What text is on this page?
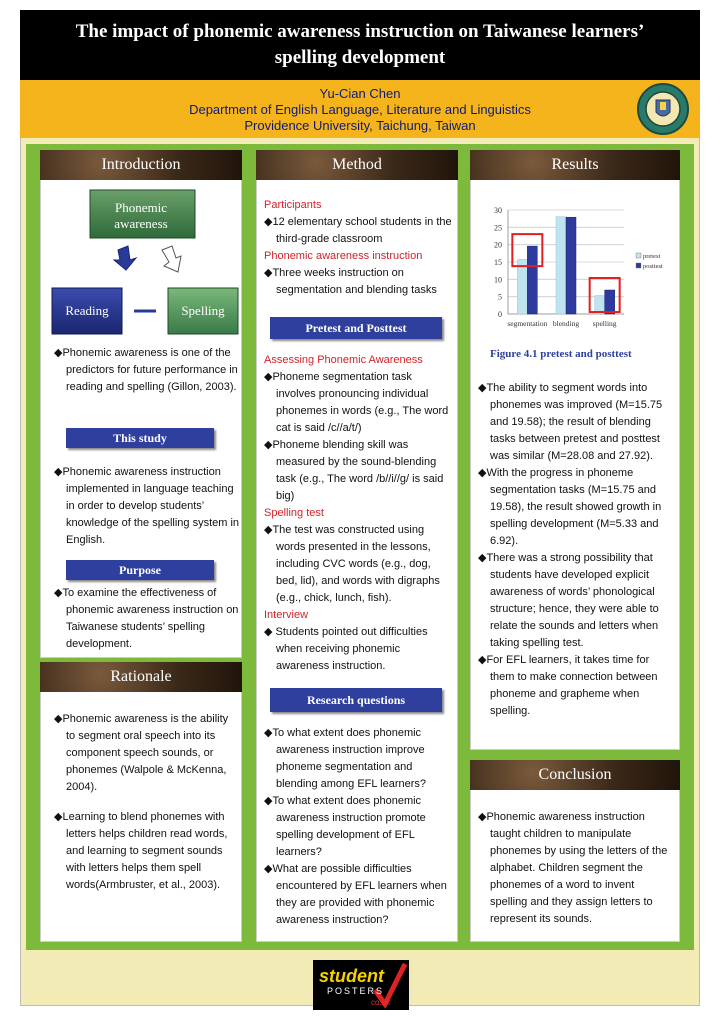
The impact of phonemic awareness instruction on Taiwanese learners’ spelling development
Yu-Cian Chen
Department of English Language, Literature and Linguistics
Providence University, Taichung, Taiwan
Introduction
Phonemic awareness
Reading	Spelling
◆Phonemic awareness is one of the predictors for future performance in reading and spelling (Gillon, 2003).
This study
◆Phonemic awareness instruction implemented in language teaching in order to develop students’ knowledge of the spelling system in English.
Purpose
◆To examine the effectiveness of phonemic awareness instruction on Taiwanese students’ spelling development.
Rationale
◆Phonemic awareness is the ability to segment oral speech into its component speech sounds, or phonemes (Walpole & McKenna, 2004).
◆Learning to blend phonemes with letters helps children read words, and learning to segment sounds with letters helps them spell words(Armbruster, et al., 2003).
Method

Participants

◆12 elementary school students in the third-grade classroom

Phonemic awareness instruction

◆Three weeks instruction on segmentation and blending tasks

Pretest and Posttest

Assessing Phonemic Awareness

◆Phoneme segmentation task involves pronouncing individual phonemes in words (e.g., The word cat is said /c//a/t/)

◆Phoneme blending skill was measured by the sound-blending task (e.g., The word /b//i//g/ is said big)

Spelling test

◆The test was constructed using words presented in the lessons, including CVC words (e.g., dog, bed, lid), and words with digraphs (e.g., chick, lunch, fish).

Interview

◆ Students pointed out difficulties when receiving phonemic awareness instruction.

Research questions

◆To what extent does phonemic awareness instruction improve phoneme segmentation and blending among EFL learners?

◆To what extent does phonemic awareness instruction promote spelling development of EFL learners?

◆What are possible difficulties encountered by EFL learners when they are provided with phonemic awareness instruction?

Results
0
5
10
15
20
25
30
segmentation blending spelling
pretest
posttest
Figure 4.1 pretest and posttest

◆The ability to segment words into phonemes was improved (M=15.75 and 19.58); the result of blending tasks between pretest and posttest was similar (M=28.08 and 27.92).

◆With the progress in phoneme segmentation tasks (M=15.75 and 19.58), the result showed growth in spelling development (M=5.33 and 6.92).

◆There was a strong possibility that students have developed explicit awareness of words’ phonological structure; hence, they were able to relate the sounds and letters when taking spelling test.

◆For EFL learners, it takes time for them to make connection between phoneme and grapheme when spelling.

Conclusion
◆Phonemic awareness instruction taught children to manipulate phonemes by using the letters of the alphabet. Children segment the phonemes of a word to invent spelling and they assign letters to represent its sounds.
student
POSTERS
co.uk
